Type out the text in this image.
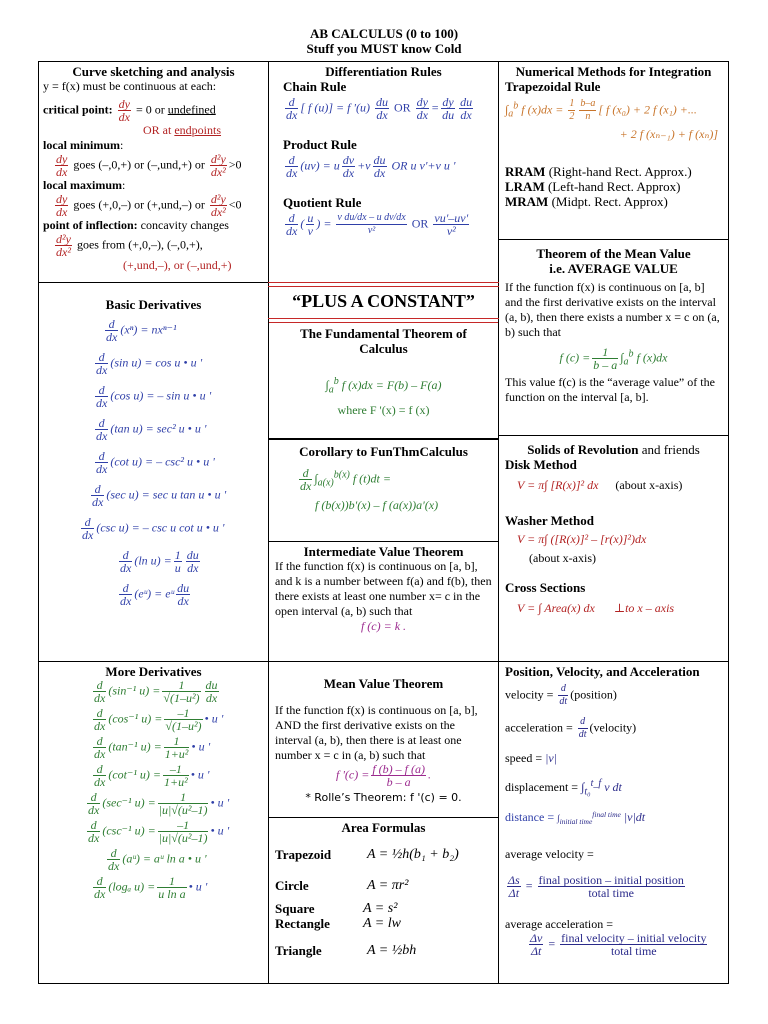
AB CALCULUS (0 to 100)
Stuff you MUST know Cold
Curve sketching and analysis

y = f(x) must be continuous at each:

critical point: $\frac{dy}{dx} = 0$ or undefined

OR at endpoints

local minimum:

$\frac{dy}{dx}$ goes (–,0,+) or (–,und,+) or $\frac{\text{d²y}}{\text{dx²}} >0$

local maximum:

$\frac{dy}{dx}$ goes (+,0,–) or (+,und,–) or $\frac{\text{d²y}}{\text{dx²}} <0$

point of inflection: concavity changes

$\frac{\text{d²y}}{\text{dx²}}$ goes from (+,0,–), (–,0,+),

(+,und,–), or (–,und,+)

Differentiation Rules
Chain Rule

$\frac{d}{dx}$ [ f (u)] = f '$(u) \frac{du}{dx}$ OR $\frac{dy}{dx} = \frac{dy}{du} \frac{du}{dx}$

Product Rule

$\frac{d}{dx} (uv) = u \frac{dv}{dx} +v \frac{du}{dx}$ OR u v'+v u '

Quotient Rule

$\frac{d}{dx}$ ( $\frac{u}{v}$ ) = $\frac{\text{v du/dx – u dv/dx}}{\text{v²}}$ OR $\frac{vu'-uv'}{\text{v²}}$

Numerical Methods for Integration
Trapezoidal Rule

$\int_a^b$ f $(x)dx = \frac{1}{2} \frac{b-a}{n}$ [ f (x₀) + 2 f (x₁) +...

+ 2 f (xₙ₋₁) + f (xₙ)]

RRAM (Right-hand Rect. Approx.)

LRAM (Left-hand Rect. Approx)

MRAM (Midpt. Rect. Approx)

Theorem of the Mean Value
i.e. AVERAGE VALUE

If the function f(x) is continuous on [a, b] and the first derivative exists on the interval (a, b), then there exists a number x = c on (a, b) such that

f $(c) = \frac{1}{b - a} \int_a^b$ f (x)dx

This value f(c) is the “average value” of the function on the interval [a, b].

Basic Derivatives

$\frac{d}{dx} (x^n) = nx^{n-1}$

$\frac{d}{dx} (\sin$ u) = cos u • u '

$\frac{d}{dx} (\cos$ u) = – sin u • u '

$\frac{d}{dx} (\tan$ u) = sec² u • u '

$\frac{d}{dx} (\cot$ u) = – csc² u • u '

$\frac{d}{dx} (\sec$ u) = sec u tan u • u '

$\frac{d}{dx} (\csc$ u) = – csc u cot u • u '

$\frac{d}{dx} (\ln$ $u) = \frac{1}{u} \frac{du}{dx}$

$\frac{d}{dx}$ (eᵘ) = eᵘ $\frac{du}{dx}$

“PLUS A CONSTANT”
The Fundamental Theorem of Calculus

$\int_a^b$ f (x)dx = F(b) – F(a)

where F '(x) = f (x)

Corollary to FunThmCalculus

$\frac{d}{dx} \int_{a(x)}^{b(x)}$ f (t)dt =

f (b(x))b'(x) – f (a(x))a'(x)

Intermediate Value Theorem

If the function f(x) is continuous on [a, b], and k is a number between f(a) and f(b), then there exists at least one number x= c in the open interval (a, b) such that

f (c) = k .

Solids of Revolution and friends
Disk Method

V = π∫ [R(x)]² dx (about x-axis)

Washer Method

V = π∫ ([R(x)]² – [r(x)]²)dx

(about x-axis)

Cross Sections

V = ∫ Area(x) dx ⊥to x – axis

More Derivatives

$\frac{d}{dx} (\sin^{-1}$ $u) = \frac{1}{\text{√(1–u²)}} \frac{du}{dx}$

$\frac{d}{dx} (\cos^{-1}$ $u) = \frac{-1}{\text{√(1–u²)}}$ • u '

$\frac{d}{dx} (\tan^{-1}$ $u) = \frac{1}{\text{1+u²}}$ • u '

$\frac{d}{dx} (\cot^{-1}$ $u) = \frac{-1}{\text{1+u²}}$ • u '

$\frac{d}{dx} (\sec^{-1}$ $u) = \frac{1}{\text{|u|√(u²–1)}}$ • u '

$\frac{d}{dx} (\csc^{-1}$ $u) = \frac{-1}{\text{|u|√(u²–1)}}$ • u '

$\frac{d}{dx}$ (aᵘ) = aᵘ ln a • u '

$\frac{d}{dx} (\log_a$ $u) = \frac{1}{\text{u ln a}}$ • u '

Mean Value Theorem

If the function f(x) is continuous on [a, b], AND the first derivative exists on the interval (a, b), then there is at least one number x = c in (a, b) such that

f '$(c) = \frac{f (b) - f (a)}{b - a}$ .

* Rolle’s Theorem: f '(c) = 0.

Area Formulas

Trapezoid	A = ½h(b₁ + b₂)

Circle	A = πr²

Square	A = s²

Rectangle	A = lw

Triangle	A = ½bh

Position, Velocity, and Acceleration

velocity = $\frac{d}{dt}$ (position)

acceleration = $\frac{d}{dt}$ (velocity)

speed = |v|

displacement = $\int_{t_0}^{t\_f}$ v dt

distance = $\int_{initial time}^{final time}$ |v|dt

average velocity =

$\frac{\Delta s}{\Delta t} = \frac{\text{final position – initial position}}{\text{total time}}$

average acceleration =

$\frac{\Delta v}{\Delta t} = \frac{\text{final velocity – initial velocity}}{\text{total time}}$
